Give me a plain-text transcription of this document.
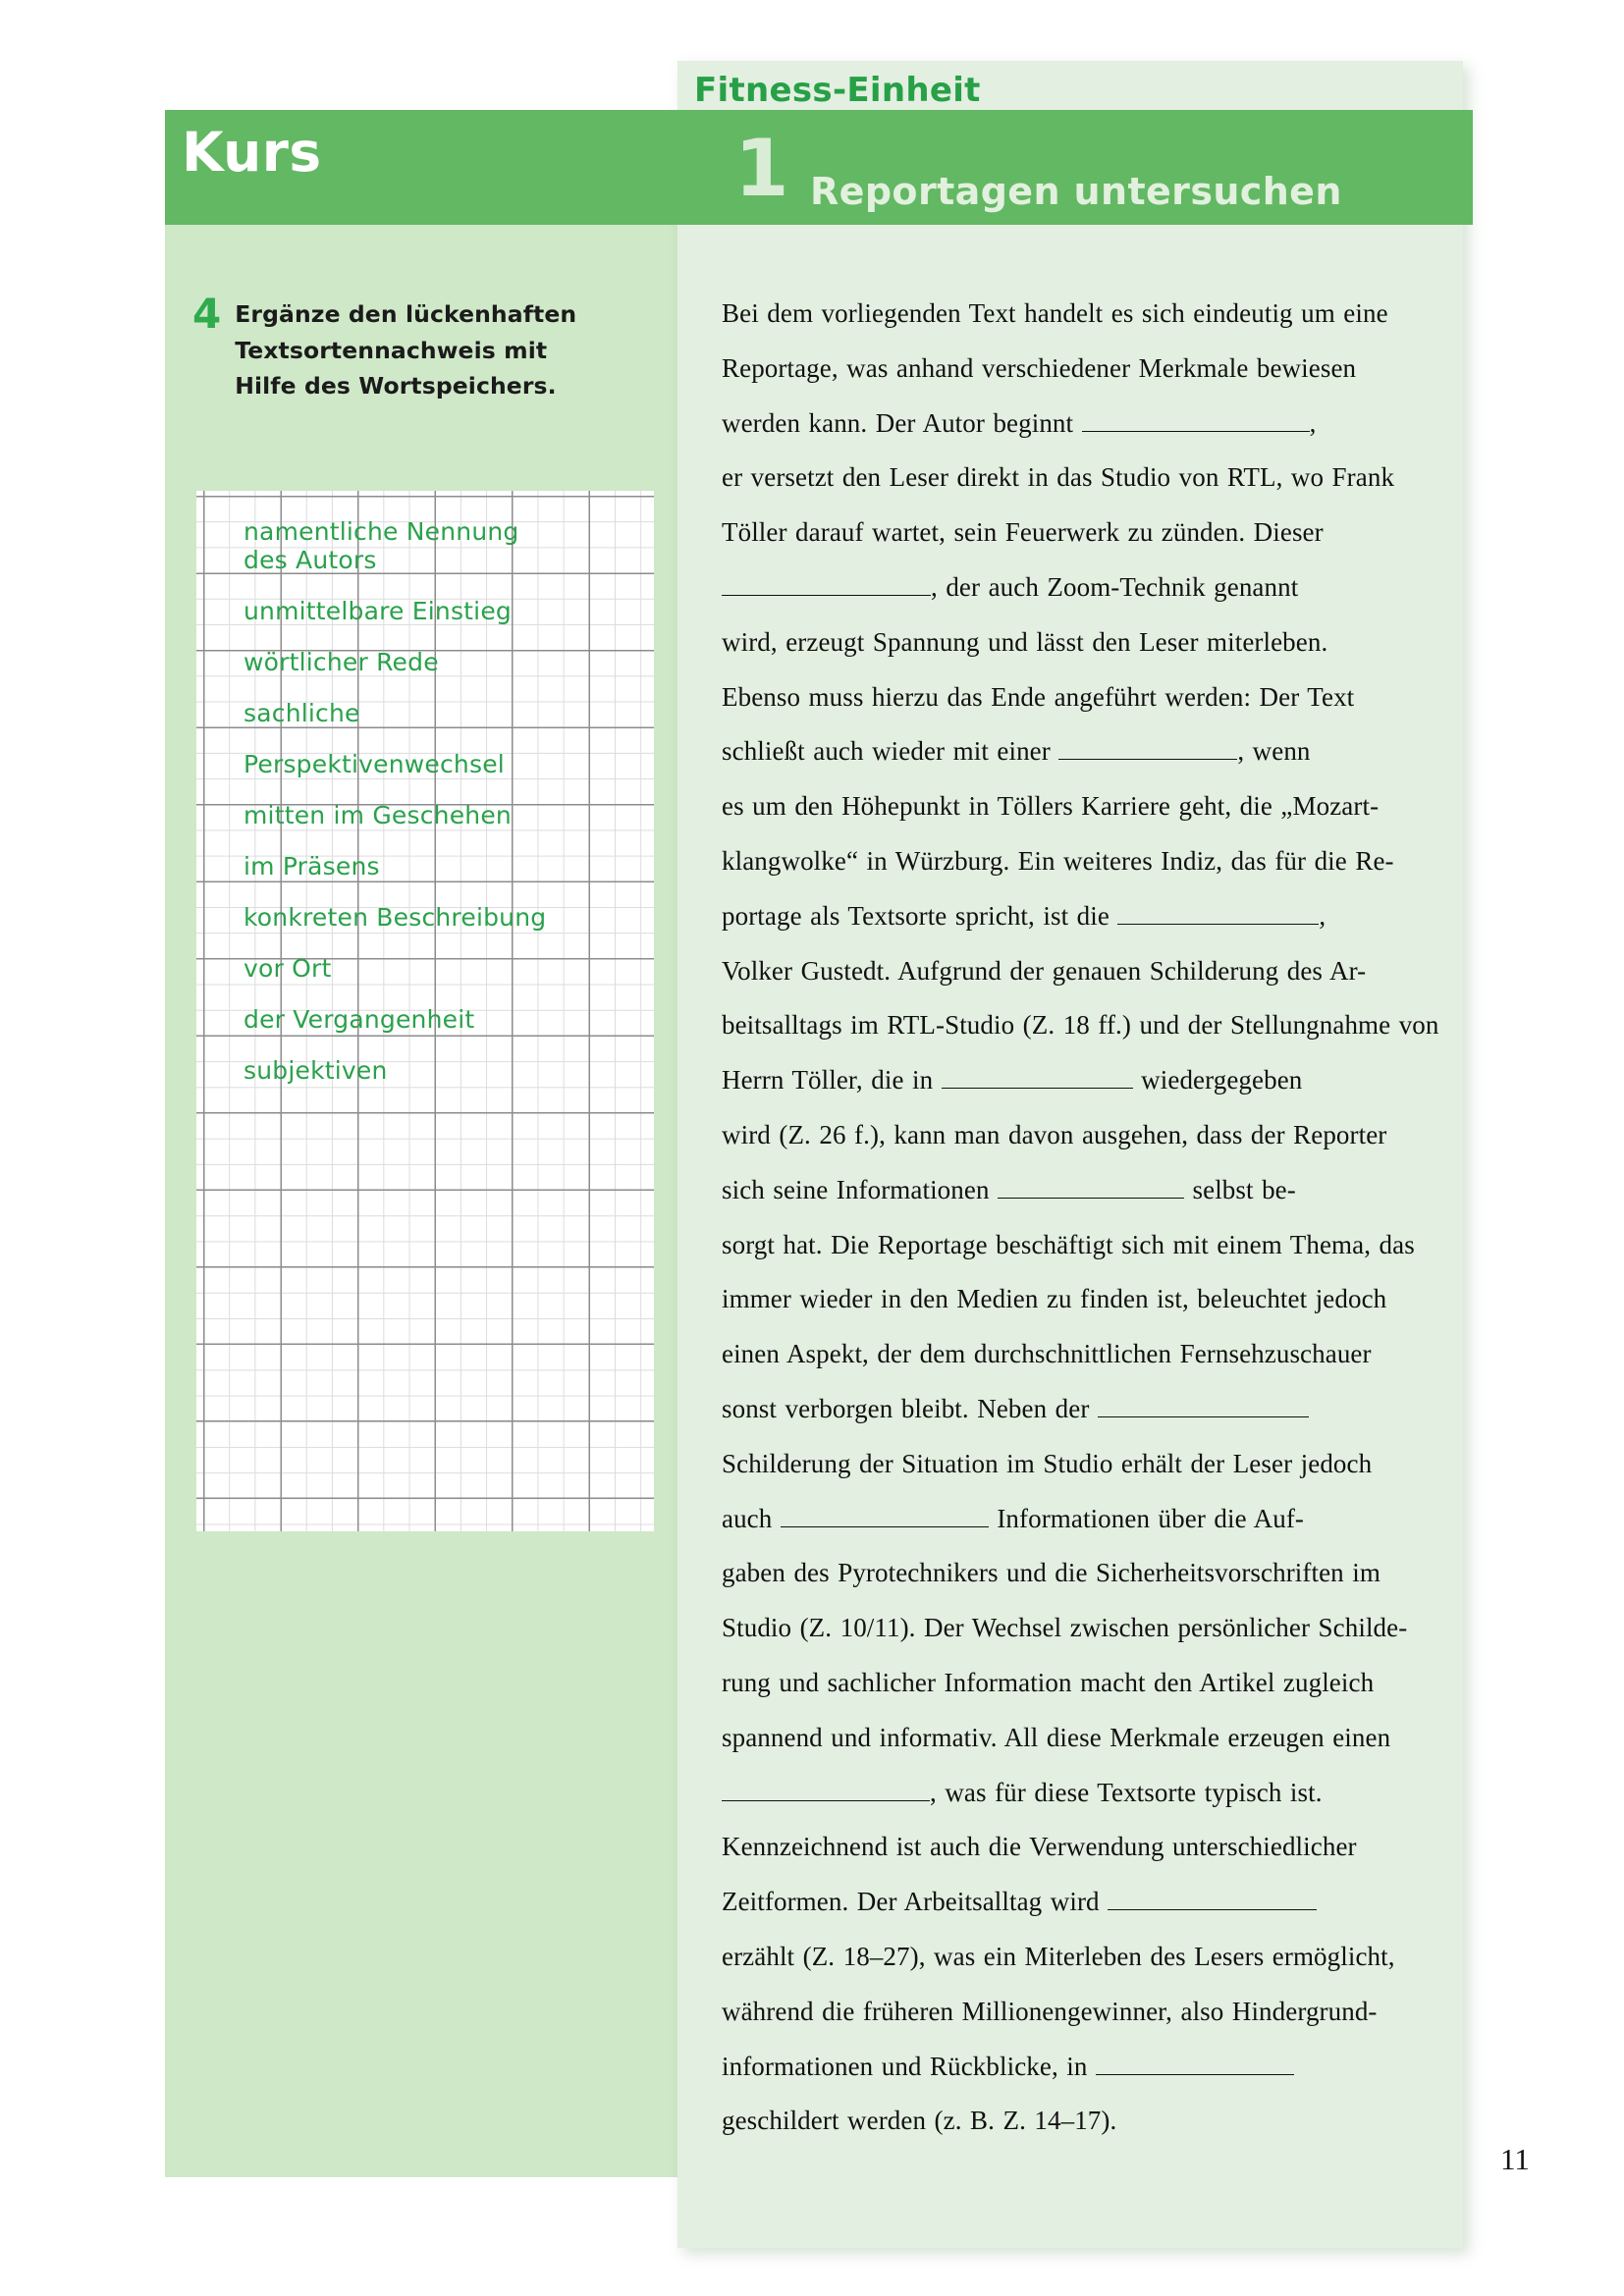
Kurs
Fitness-Einheit
1 Reportagen untersuchen
4 Ergänze den lückenhaften Textsortennachweis mit Hilfe des Wortspeichers.
namentliche Nennung
des Autors
unmittelbare Einstieg
wörtlicher Rede
sachliche
Perspektivenwechsel
mitten im Geschehen
im Präsens
konkreten Beschreibung
vor Ort
der Vergangenheit
subjektiven
Bei dem vorliegenden Text handelt es sich eindeutig um eine
Reportage, was anhand verschiedener Merkmale bewiesen
werden kann. Der Autor beginnt	,
er versetzt den Leser direkt in das Studio von RTL, wo Frank
Töller darauf wartet, sein Feuerwerk zu zünden. Dieser
, der auch Zoom-Technik genannt
wird, erzeugt Spannung und lässt den Leser miterleben.
Ebenso muss hierzu das Ende angeführt werden: Der Text
schließt auch wieder mit einer	, wenn
es um den Höhepunkt in Töllers Karriere geht, die „Mozart-
klangwolke“ in Würzburg. Ein weiteres Indiz, das für die Re-
portage als Textsorte spricht, ist die	,
Volker Gustedt. Aufgrund der genauen Schilderung des Ar-
beitsalltags im RTL-Studio (Z. 18 ff.) und der Stellungnahme von
Herrn Töller, die in	wiedergegeben
wird (Z. 26 f.), kann man davon ausgehen, dass der Reporter
sich seine Informationen	selbst be-
sorgt hat. Die Reportage beschäftigt sich mit einem Thema, das
immer wieder in den Medien zu finden ist, beleuchtet jedoch
einen Aspekt, der dem durchschnittlichen Fernsehzuschauer
sonst verborgen bleibt. Neben der
Schilderung der Situation im Studio erhält der Leser jedoch
auch	Informationen über die Auf-
gaben des Pyrotechnikers und die Sicherheitsvorschriften im
Studio (Z. 10/11). Der Wechsel zwischen persönlicher Schilde-
rung und sachlicher Information macht den Artikel zugleich
spannend und informativ. All diese Merkmale erzeugen einen
, was für diese Textsorte typisch ist.
Kennzeichnend ist auch die Verwendung unterschiedlicher
Zeitformen. Der Arbeitsalltag wird
erzählt (Z. 18–27), was ein Miterleben des Lesers ermöglicht,
während die früheren Millionengewinner, also Hindergrund-
informationen und Rückblicke, in
geschildert werden (z. B. Z. 14–17).
11
